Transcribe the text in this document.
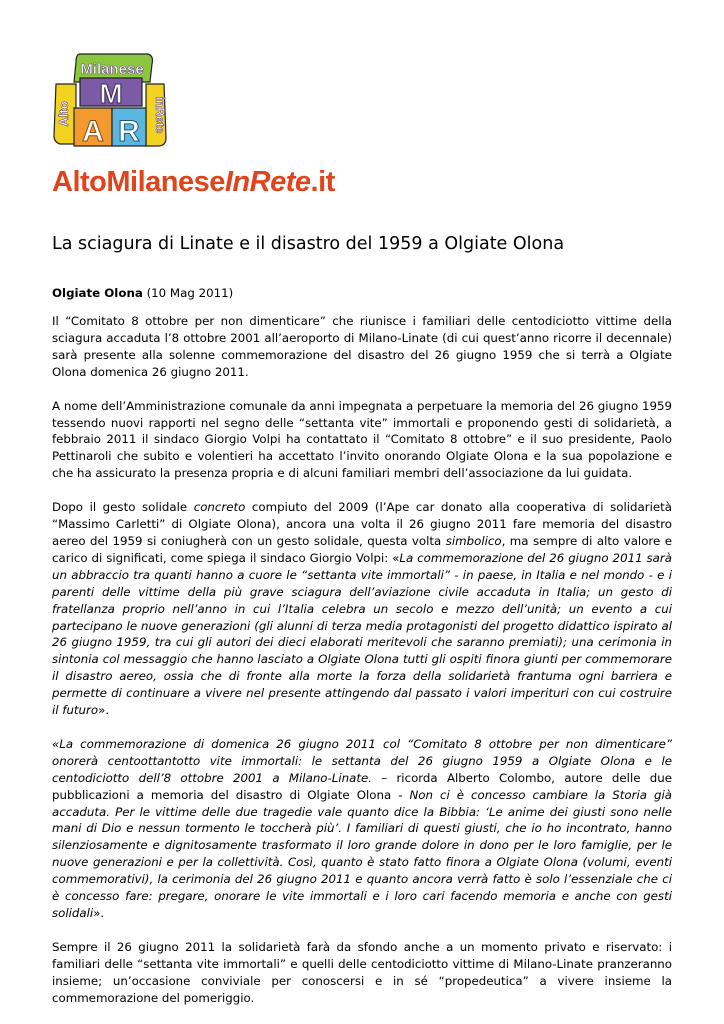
Milanese
Alto	inRete
M
A R
AltoMilaneseInRete.it
La sciagura di Linate e il disastro del 1959 a Olgiate Olona
Olgiate Olona (10 Mag 2011)

Il “Comitato 8 ottobre per non dimenticare” che riunisce i familiari delle centodiciotto vittime della sciagura accaduta l’8 ottobre 2001 all’aeroporto di Milano-Linate (di cui quest’anno ricorre il decennale) sarà presente alla solenne commemorazione del disastro del 26 giugno 1959 che si terrà a Olgiate Olona domenica 26 giugno 2011.

A nome dell’Amministrazione comunale da anni impegnata a perpetuare la memoria del 26 giugno 1959 tessendo nuovi rapporti nel segno delle “settanta vite” immortali e proponendo gesti di solidarietà, a febbraio 2011 il sindaco Giorgio Volpi ha contattato il “Comitato 8 ottobre” e il suo presidente, Paolo Pettinaroli che subito e volentieri ha accettato l’invito onorando Olgiate Olona e la sua popolazione e che ha assicurato la presenza propria e di alcuni familiari membri dell’associazione da lui guidata.

Dopo il gesto solidale concreto compiuto del 2009 (l’Ape car donato alla cooperativa di solidarietà “Massimo Carletti” di Olgiate Olona), ancora una volta il 26 giugno 2011 fare memoria del disastro aereo del 1959 si coniugherà con un gesto solidale, questa volta simbolico, ma sempre di alto valore e carico di significati, come spiega il sindaco Giorgio Volpi: «La commemorazione del 26 giugno 2011 sarà un abbraccio tra quanti hanno a cuore le “settanta vite immortali” - in paese, in Italia e nel mondo - e i parenti delle vittime della più grave sciagura dell’aviazione civile accaduta in Italia; un gesto di fratellanza proprio nell’anno in cui l’Italia celebra un secolo e mezzo dell’unità; un evento a cui partecipano le nuove generazioni (gli alunni di terza media protagonisti del progetto didattico ispirato al 26 giugno 1959, tra cui gli autori dei dieci elaborati meritevoli che saranno premiati); una cerimonia in sintonia col messaggio che hanno lasciato a Olgiate Olona tutti gli ospiti finora giunti per commemorare il disastro aereo, ossia che di fronte alla morte la forza della solidarietà frantuma ogni barriera e permette di continuare a vivere nel presente attingendo dal passato i valori imperituri con cui costruire il futuro».

«La commemorazione di domenica 26 giugno 2011 col “Comitato 8 ottobre per non dimenticare” onorerà centoottantotto vite immortali: le settanta del 26 giugno 1959 a Olgiate Olona e le centodiciotto dell’8 ottobre 2001 a Milano-Linate. – ricorda Alberto Colombo, autore delle due pubblicazioni a memoria del disastro di Olgiate Olona - Non ci è concesso cambiare la Storia già accaduta. Per le vittime delle due tragedie vale quanto dice la Bibbia: ‘Le anime dei giusti sono nelle mani di Dio e nessun tormento le toccherà più’. I familiari di questi giusti, che io ho incontrato, hanno silenziosamente e dignitosamente trasformato il loro grande dolore in dono per le loro famiglie, per le nuove generazioni e per la collettività. Così, quanto è stato fatto finora a Olgiate Olona (volumi, eventi commemorativi), la cerimonia del 26 giugno 2011 e quanto ancora verrà fatto è solo l’essenziale che ci è concesso fare: pregare, onorare le vite immortali e i loro cari facendo memoria e anche con gesti solidali».

Sempre il 26 giugno 2011 la solidarietà farà da sfondo anche a un momento privato e riservato: i familiari delle “settanta vite immortali” e quelli delle centodiciotto vittime di Milano-Linate pranzeranno insieme; un’occasione conviviale per conoscersi e in sé “propedeutica” a vivere insieme la commemorazione del pomeriggio.
